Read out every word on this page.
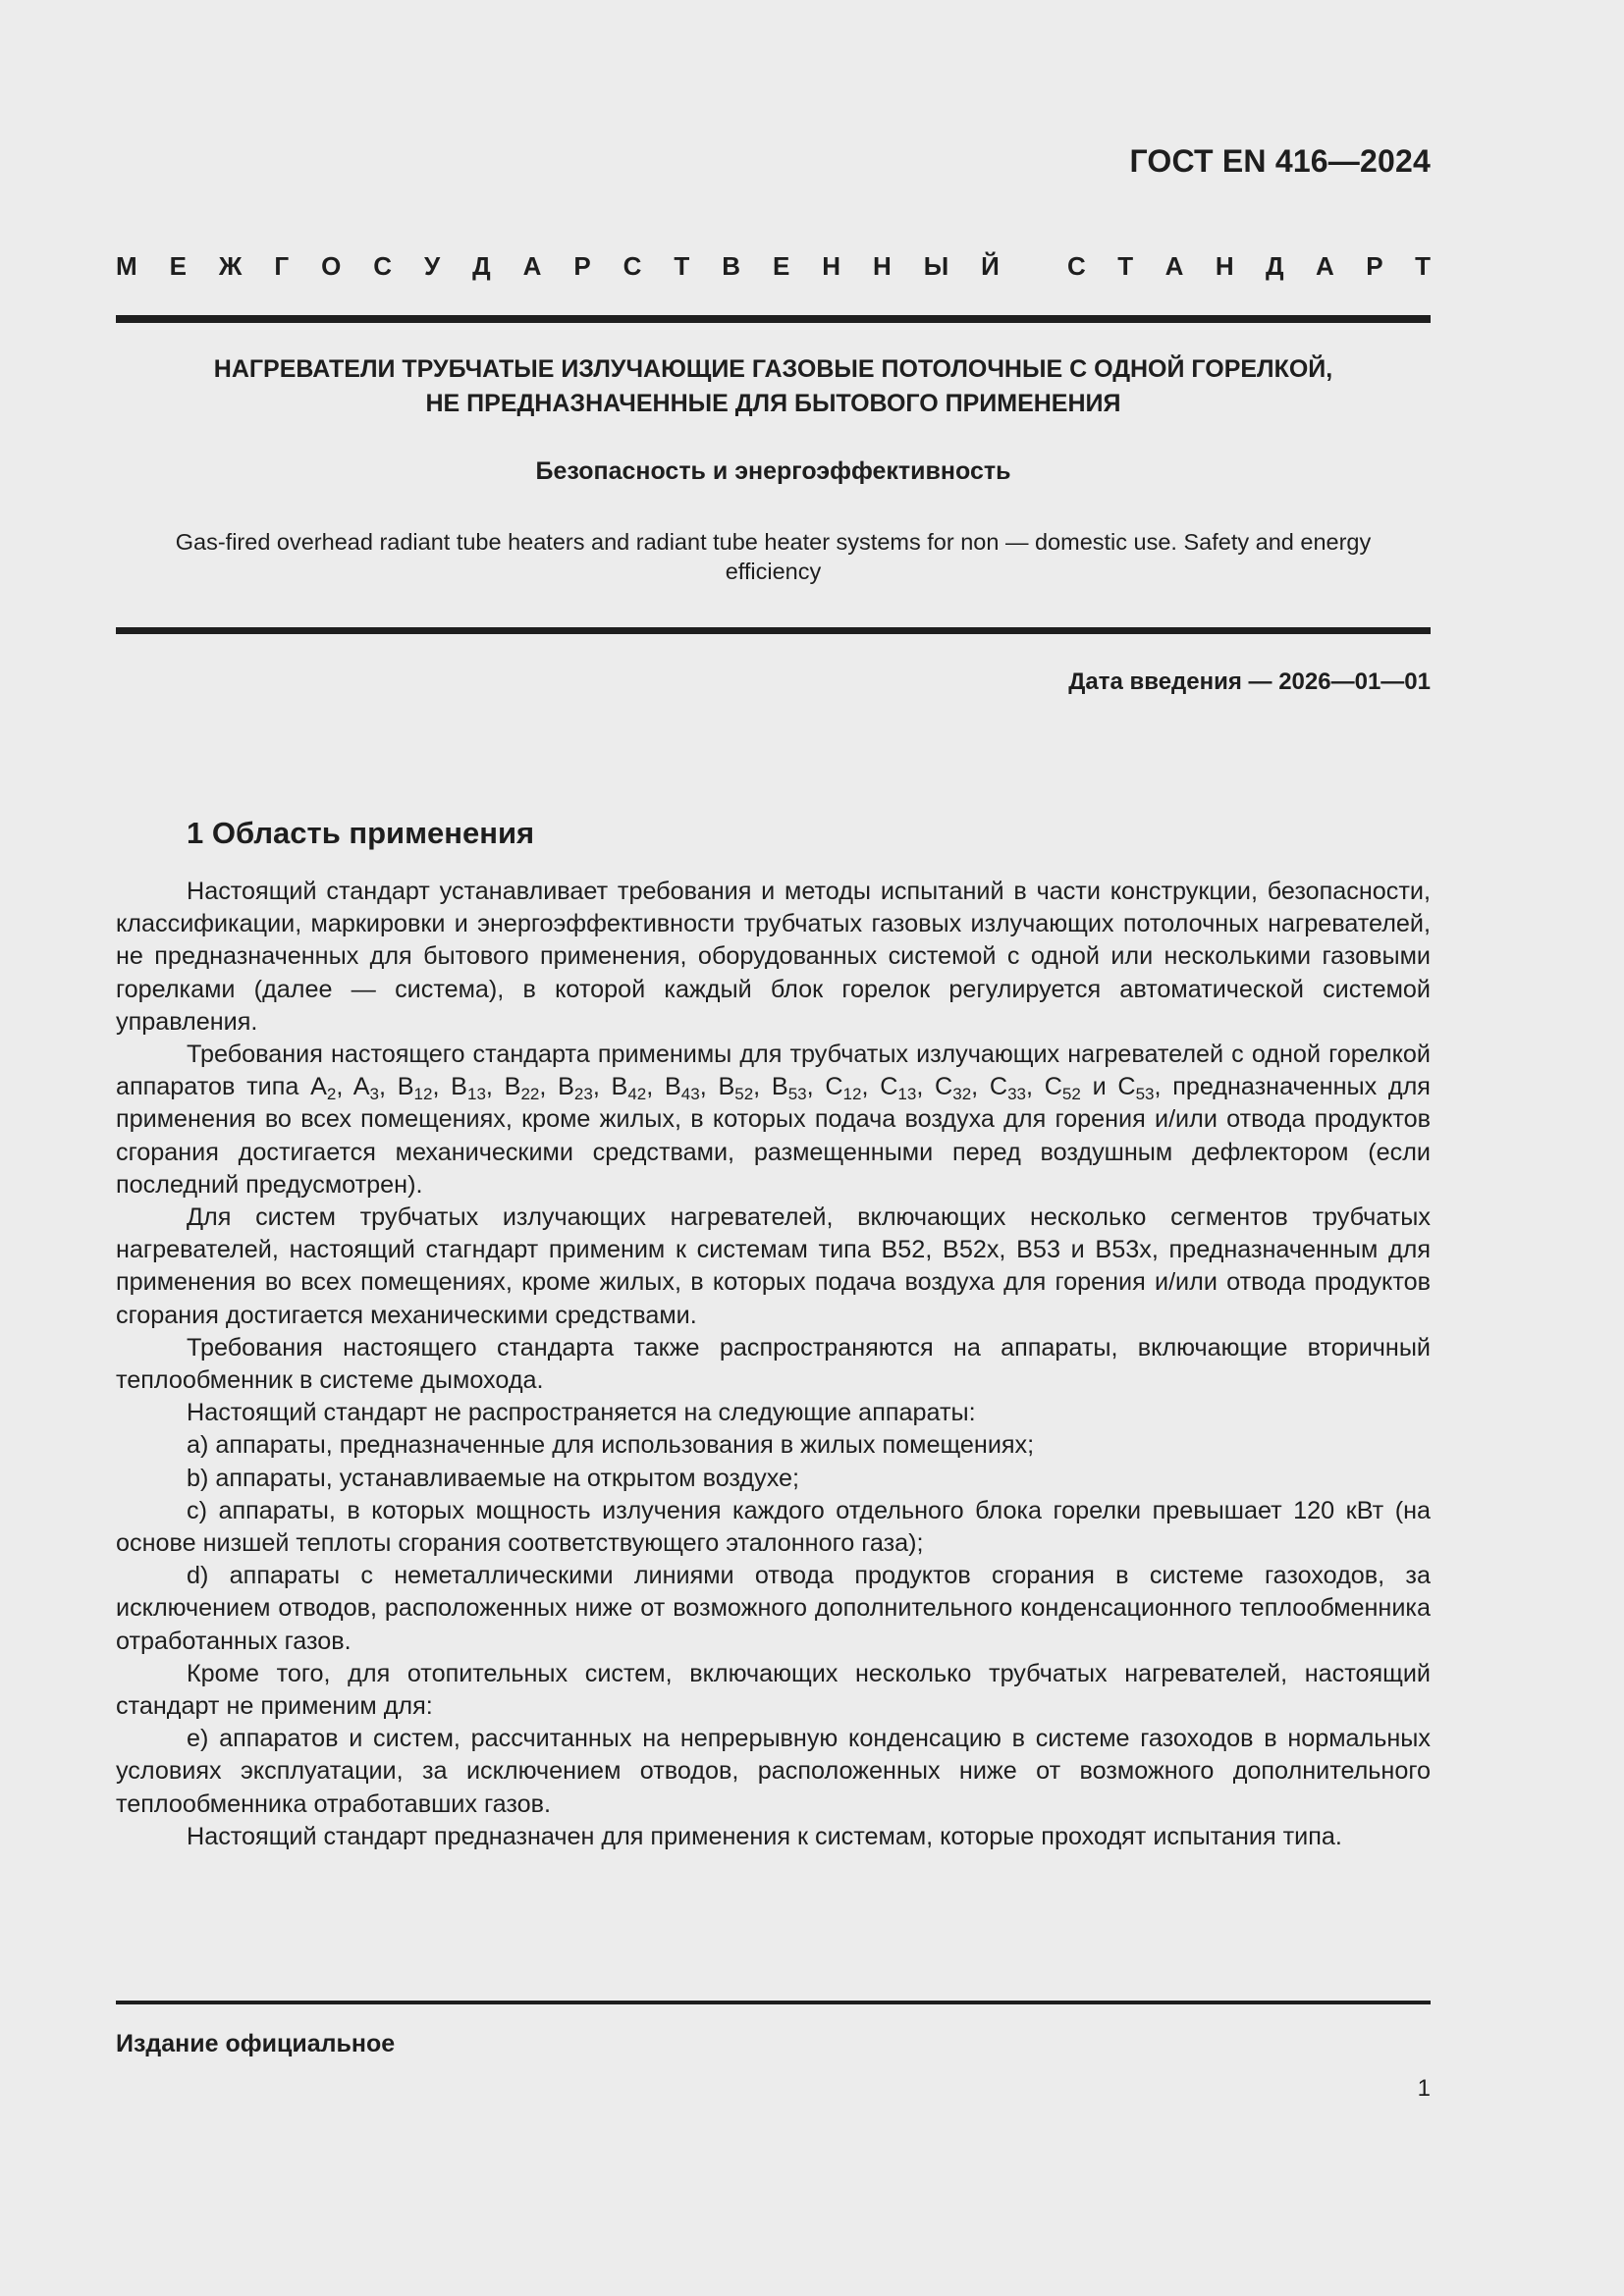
ГОСТ EN 416—2024
М Е Ж Г О С У Д А Р С Т В Е Н Н Ы Й	С Т А Н Д А Р Т
НАГРЕВАТЕЛИ ТРУБЧАТЫЕ ИЗЛУЧАЮЩИЕ ГАЗОВЫЕ ПОТОЛОЧНЫЕ С ОДНОЙ ГОРЕЛКОЙ,
НЕ ПРЕДНАЗНАЧЕННЫЕ ДЛЯ БЫТОВОГО ПРИМЕНЕНИЯ
Безопасность и энергоэффективность
Gas-fired overhead radiant tube heaters and radiant tube heater systems for non — domestic use. Safety and energy
efficiency
Дата введения — 2026—01—01
1 Область применения

Настоящий стандарт устанавливает требования и методы испытаний в части конструкции, безопасности, классификации, маркировки и энергоэффективности трубчатых газовых излучающих потолочных нагревателей, не предназначенных для бытового применения, оборудованных системой с одной или несколькими газовыми горелками (далее — система), в которой каждый блок горелок регулируется автоматической системой управления.

Требования настоящего стандарта применимы для трубчатых излучающих нагревателей с одной горелкой аппаратов типа $A_2$, $A_3$, $B_{12}$, $B_{13}$, $B_{22}$, $B_{23}$, $B_{42}$, $B_{43}$, $B_{52}$, $B_{53}$, $C_{12}$, $C_{13}$, $C_{32}$, $C_{33}$, $C_{52}$ и $C_{53}$, предназначенных для применения во всех помещениях, кроме жилых, в которых подача воздуха для горения и/или отвода продуктов сгорания достигается механическими средствами, размещенными перед воздушным дефлектором (если последний предусмотрен).

Для систем трубчатых излучающих нагревателей, включающих несколько сегментов трубчатых нагревателей, настоящий стагндарт применим к системам типа B52, B52x, B53 и B53x, предназначенным для применения во всех помещениях, кроме жилых, в которых подача воздуха для горения и/или отвода продуктов сгорания достигается механическими средствами.

Требования настоящего стандарта также распространяются на аппараты, включающие вторичный теплообменник в системе дымохода.

Настоящий стандарт не распространяется на следующие аппараты:

a) аппараты, предназначенные для использования в жилых помещениях;

b) аппараты, устанавливаемые на открытом воздухе;

c) аппараты, в которых мощность излучения каждого отдельного блока горелки превышает 120 кВт (на основе низшей теплоты сгорания соответствующего эталонного газа);

d) аппараты с неметаллическими линиями отвода продуктов сгорания в системе газоходов, за исключением отводов, расположенных ниже от возможного дополнительного конденсационного теплообменника отработанных газов.

Кроме того, для отопительных систем, включающих несколько трубчатых нагревателей, настоящий стандарт не применим для:

e) аппаратов и систем, рассчитанных на непрерывную конденсацию в системе газоходов в нормальных условиях эксплуатации, за исключением отводов, расположенных ниже от возможного дополнительного теплообменника отработавших газов.

Настоящий стандарт предназначен для применения к системам, которые проходят испытания типа.

Издание официальное
1
